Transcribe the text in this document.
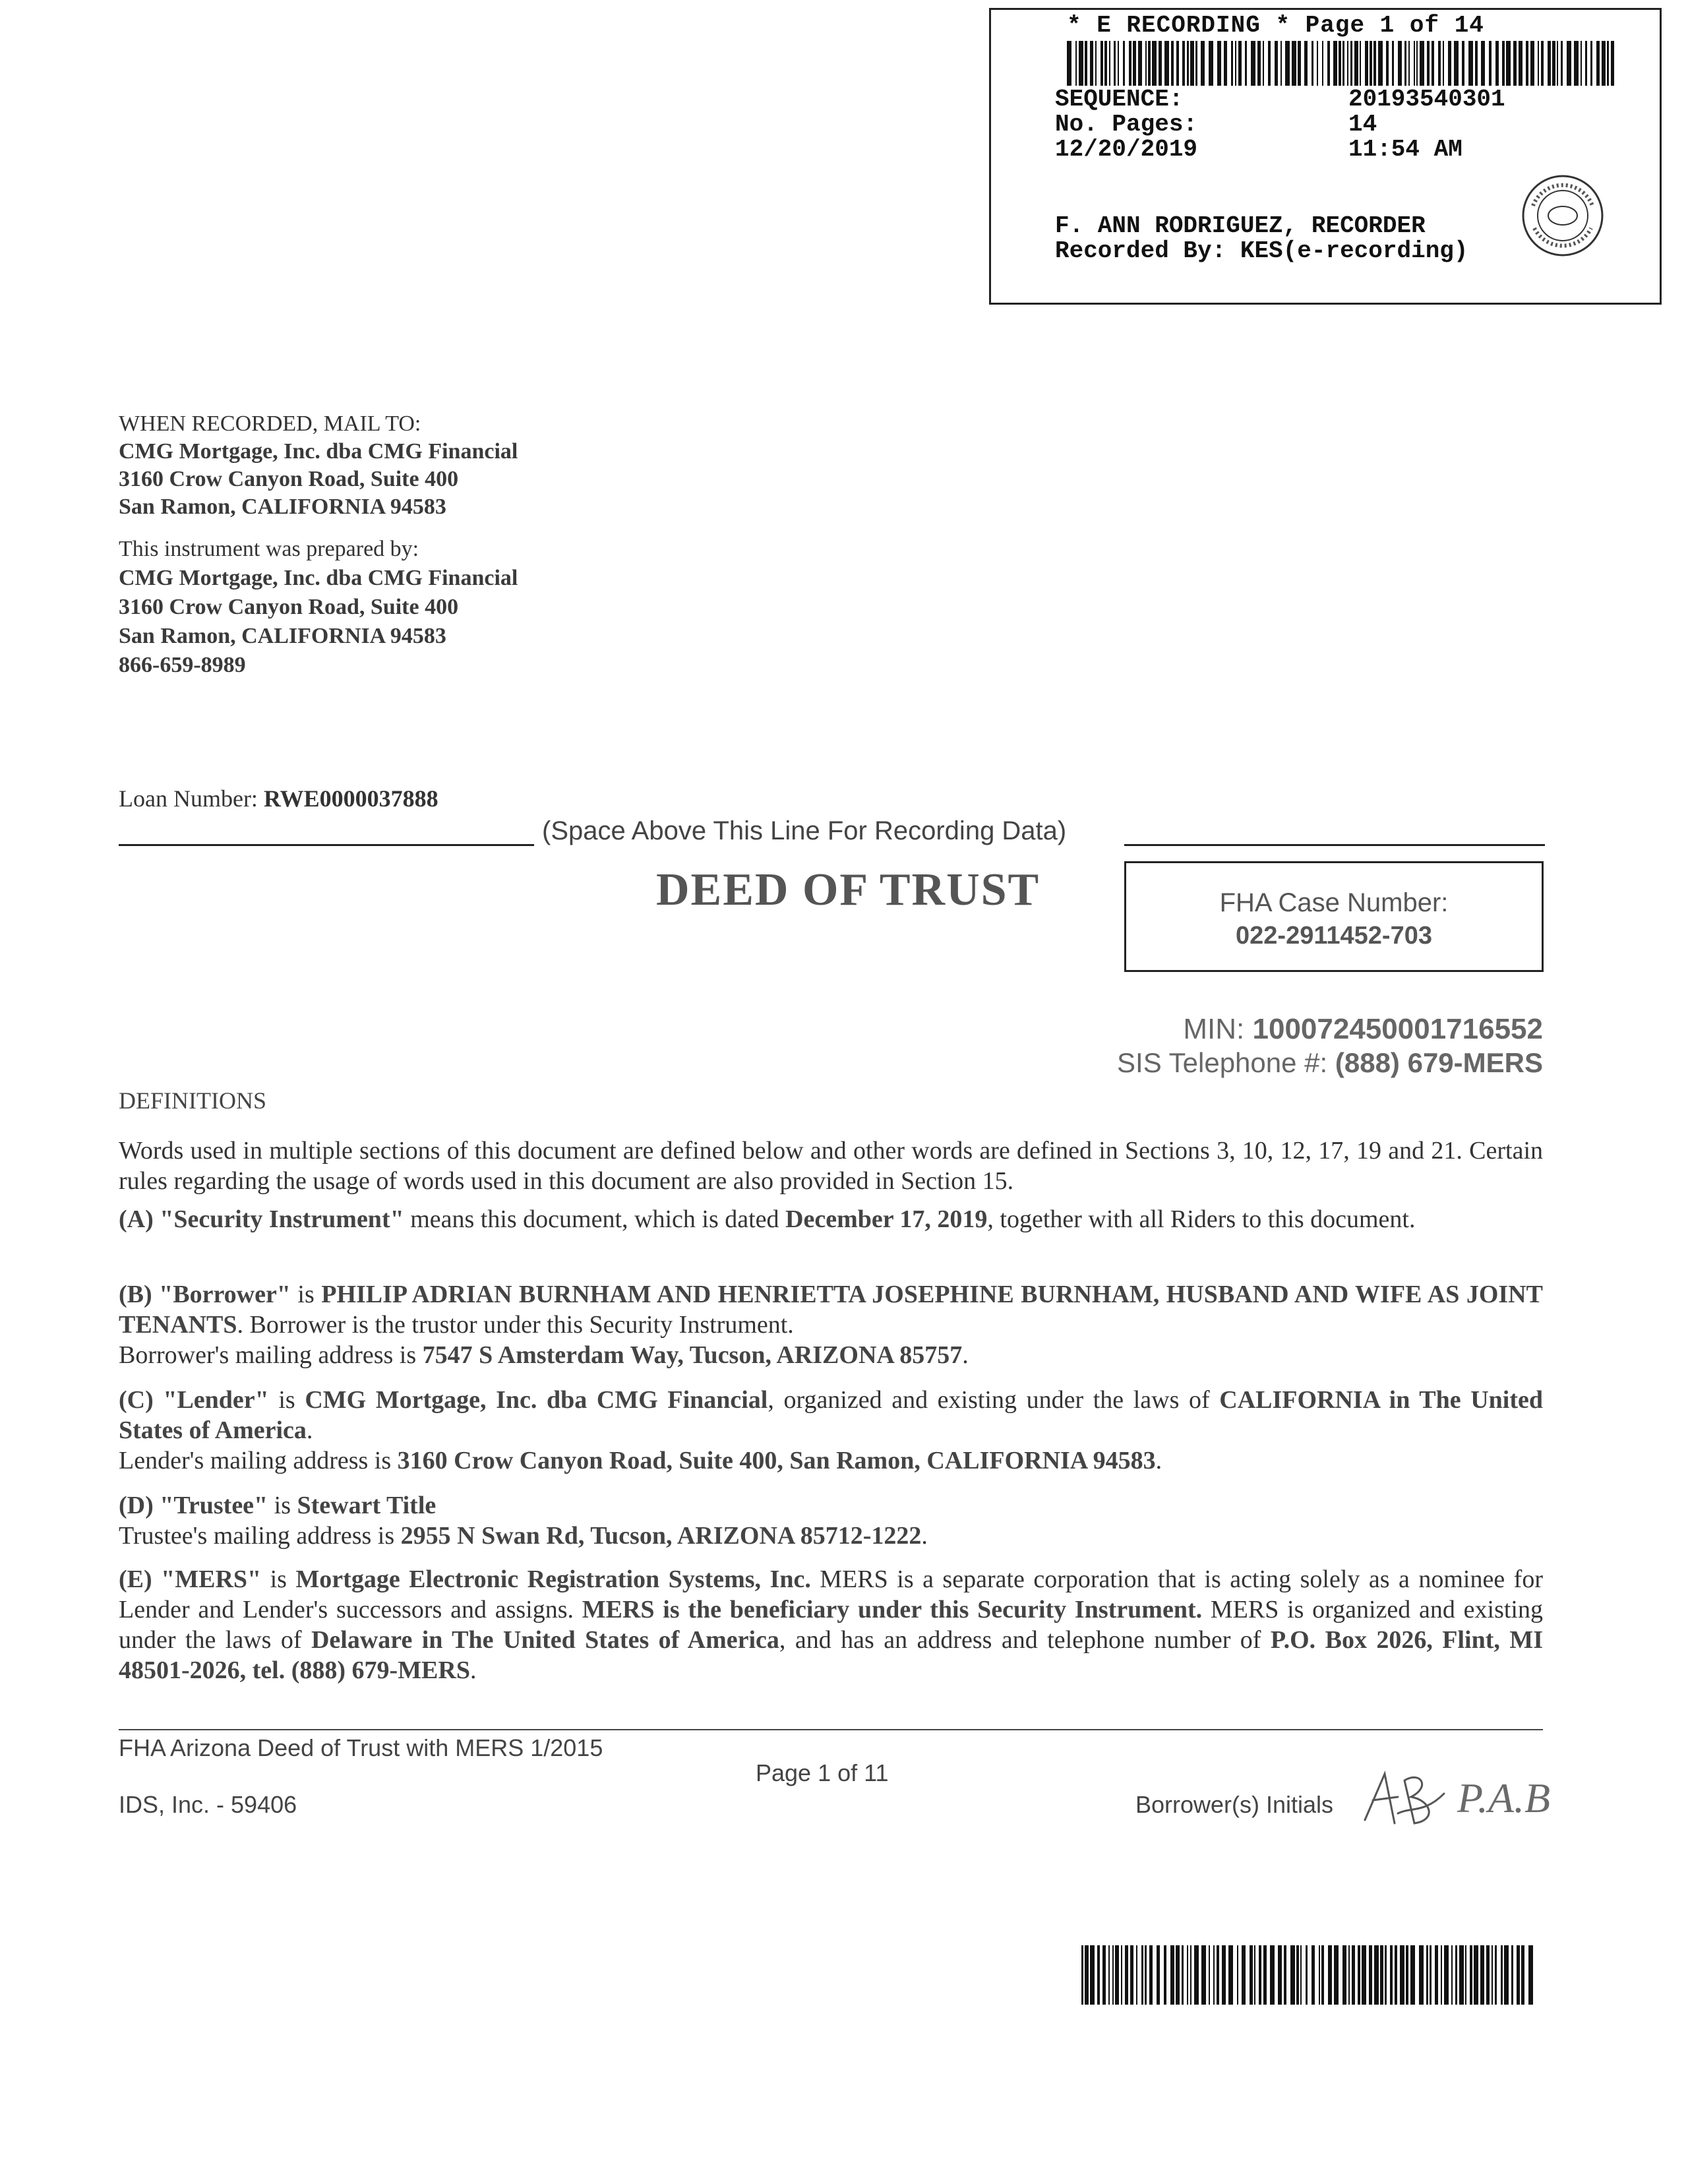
* E RECORDING * Page 1 of 14
SEQUENCE:	20193540301
No. Pages:	14
12/20/2019	11:54 AM
F. ANN RODRIGUEZ, RECORDER
Recorded By: KES(e-recording)
WHEN RECORDED, MAIL TO:
CMG Mortgage, Inc. dba CMG Financial
3160 Crow Canyon Road, Suite 400
San Ramon, CALIFORNIA 94583
This instrument was prepared by:
CMG Mortgage, Inc. dba CMG Financial
3160 Crow Canyon Road, Suite 400
San Ramon, CALIFORNIA 94583
866-659-8989
Loan Number: RWE0000037888
(Space Above This Line For Recording Data)
DEED OF TRUST	FHA Case Number:
022-2911452-703
MIN: 100072450001716552
SIS Telephone #: (888) 679-MERS
DEFINITIONS
Words used in multiple sections of this document are defined below and other words are defined in Sections 3, 10, 12, 17, 19 and 21. Certain rules regarding the usage of words used in this document are also provided in Section 15.
(A) "Security Instrument" means this document, which is dated December 17, 2019, together with all Riders to this document.
(B) "Borrower" is PHILIP ADRIAN BURNHAM AND HENRIETTA JOSEPHINE BURNHAM, HUSBAND AND WIFE AS JOINT TENANTS. Borrower is the trustor under this Security Instrument.
Borrower's mailing address is 7547 S Amsterdam Way, Tucson, ARIZONA 85757.
(C) "Lender" is CMG Mortgage, Inc. dba CMG Financial, organized and existing under the laws of CALIFORNIA in The United States of America.
Lender's mailing address is 3160 Crow Canyon Road, Suite 400, San Ramon, CALIFORNIA 94583.
(D) "Trustee" is Stewart Title
Trustee's mailing address is 2955 N Swan Rd, Tucson, ARIZONA 85712-1222.
(E) "MERS" is Mortgage Electronic Registration Systems, Inc. MERS is a separate corporation that is acting solely as a nominee for Lender and Lender's successors and assigns. MERS is the beneficiary under this Security Instrument. MERS is organized and existing under the laws of Delaware in The United States of America, and has an address and telephone number of P.O. Box 2026, Flint, MI 48501-2026, tel. (888) 679-MERS.
FHA Arizona Deed of Trust with MERS 1/2015
IDS, Inc. - 59406
Page 1 of 11
Borrower(s) Initials	P.A.B
